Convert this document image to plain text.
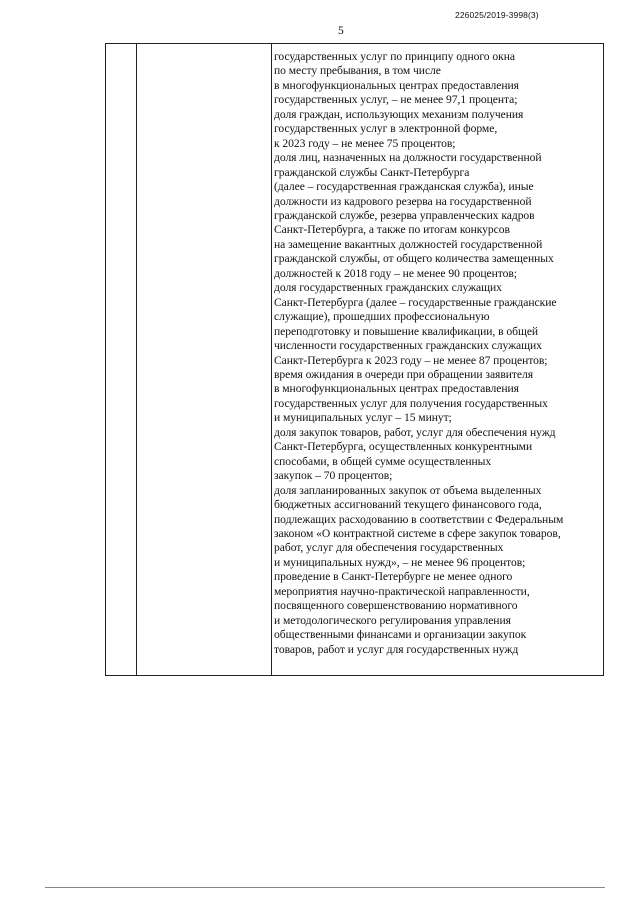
226025/2019-3998(3)
5
государственных услуг по принципу одного окна
по месту пребывания, в том числе
в многофункциональных центрах предоставления
государственных услуг, – не менее 97,1 процента;
доля граждан, использующих механизм получения
государственных услуг в электронной форме,
к 2023 году – не менее 75 процентов;
доля лиц, назначенных на должности государственной
гражданской службы Санкт-Петербурга
(далее – государственная гражданская служба), иные
должности из кадрового резерва на государственной
гражданской службе, резерва управленческих кадров
Санкт-Петербурга, а также по итогам конкурсов
на замещение вакантных должностей государственной
гражданской службы, от общего количества замещенных
должностей к 2018 году – не менее 90 процентов;
доля государственных гражданских служащих
Санкт-Петербурга (далее – государственные гражданские
служащие), прошедших профессиональную
переподготовку и повышение квалификации, в общей
численности государственных гражданских служащих
Санкт-Петербурга к 2023 году – не менее 87 процентов;
время ожидания в очереди при обращении заявителя
в многофункциональных центрах предоставления
государственных услуг для получения государственных
и муниципальных услуг – 15 минут;
доля закупок товаров, работ, услуг для обеспечения нужд
Санкт-Петербурга, осуществленных конкурентными
способами, в общей сумме осуществленных
закупок – 70 процентов;
доля запланированных закупок от объема выделенных
бюджетных ассигнований текущего финансового года,
подлежащих расходованию в соответствии с Федеральным
законом «О контрактной системе в сфере закупок товаров,
работ, услуг для обеспечения государственных
и муниципальных нужд», – не менее 96 процентов;
проведение в Санкт-Петербурге не менее одного
мероприятия научно-практической направленности,
посвященного совершенствованию нормативного
и методологического регулирования управления
общественными финансами и организации закупок
товаров, работ и услуг для государственных нужд
